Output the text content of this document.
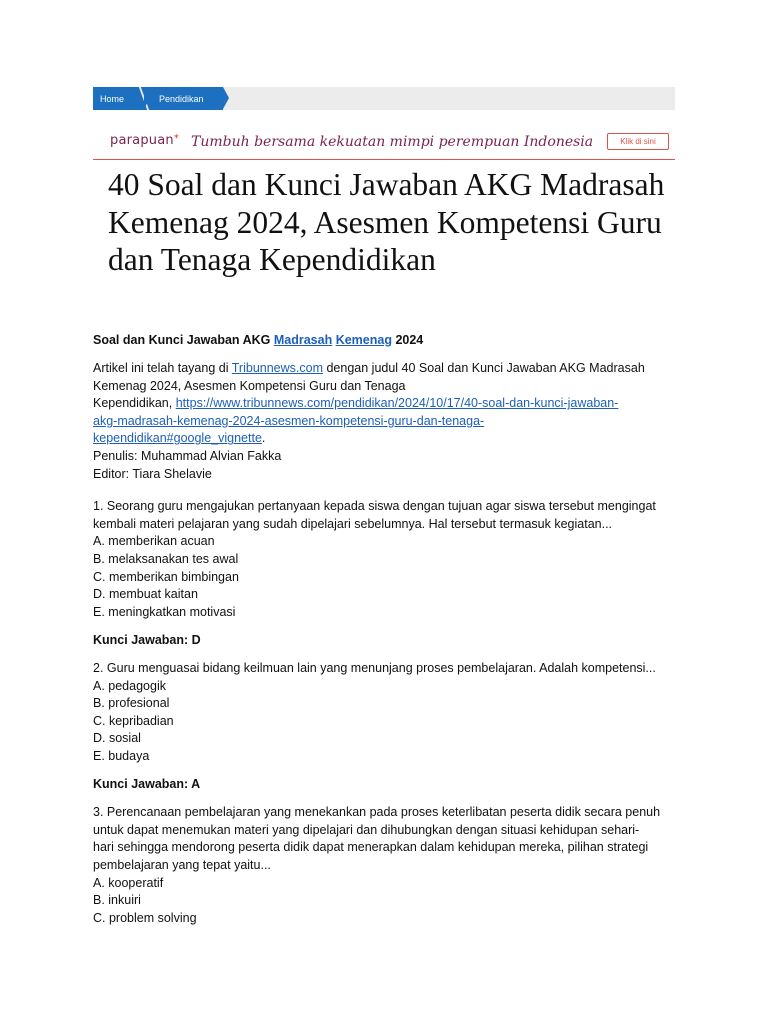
Home	Pendidikan
parapuan* Tumbuh bersama kekuatan mimpi perempuan Indonesia	Klik di sini
40 Soal dan Kunci Jawaban AKG Madrasah Kemenag 2024, Asesmen Kompetensi Guru dan Tenaga Kependidikan

Soal dan Kunci Jawaban AKG Madrasah Kemenag 2024

Artikel ini telah tayang di Tribunnews.com dengan judul 40 Soal dan Kunci Jawaban AKG Madrasah
Kemenag 2024, Asesmen Kompetensi Guru dan Tenaga
Kependidikan, https://www.tribunnews.com/pendidikan/2024/10/17/40-soal-dan-kunci-jawaban-
akg-madrasah-kemenag-2024-asesmen-kompetensi-guru-dan-tenaga-
kependidikan#google_vignette.
Penulis: Muhammad Alvian Fakka
Editor: Tiara Shelavie

1. Seorang guru mengajukan pertanyaan kepada siswa dengan tujuan agar siswa tersebut mengingat
kembali materi pelajaran yang sudah dipelajari sebelumnya. Hal tersebut termasuk kegiatan...
A. memberikan acuan
B. melaksanakan tes awal
C. memberikan bimbingan
D. membuat kaitan
E. meningkatkan motivasi

Kunci Jawaban: D

2. Guru menguasai bidang keilmuan lain yang menunjang proses pembelajaran. Adalah kompetensi...
A. pedagogik
B. profesional
C. kepribadian
D. sosial
E. budaya

Kunci Jawaban: A

3. Perencanaan pembelajaran yang menekankan pada proses keterlibatan peserta didik secara penuh
untuk dapat menemukan materi yang dipelajari dan dihubungkan dengan situasi kehidupan sehari-
hari sehingga mendorong peserta didik dapat menerapkan dalam kehidupan mereka, pilihan strategi
pembelajaran yang tepat yaitu...
A. kooperatif
B. inkuiri
C. problem solving
